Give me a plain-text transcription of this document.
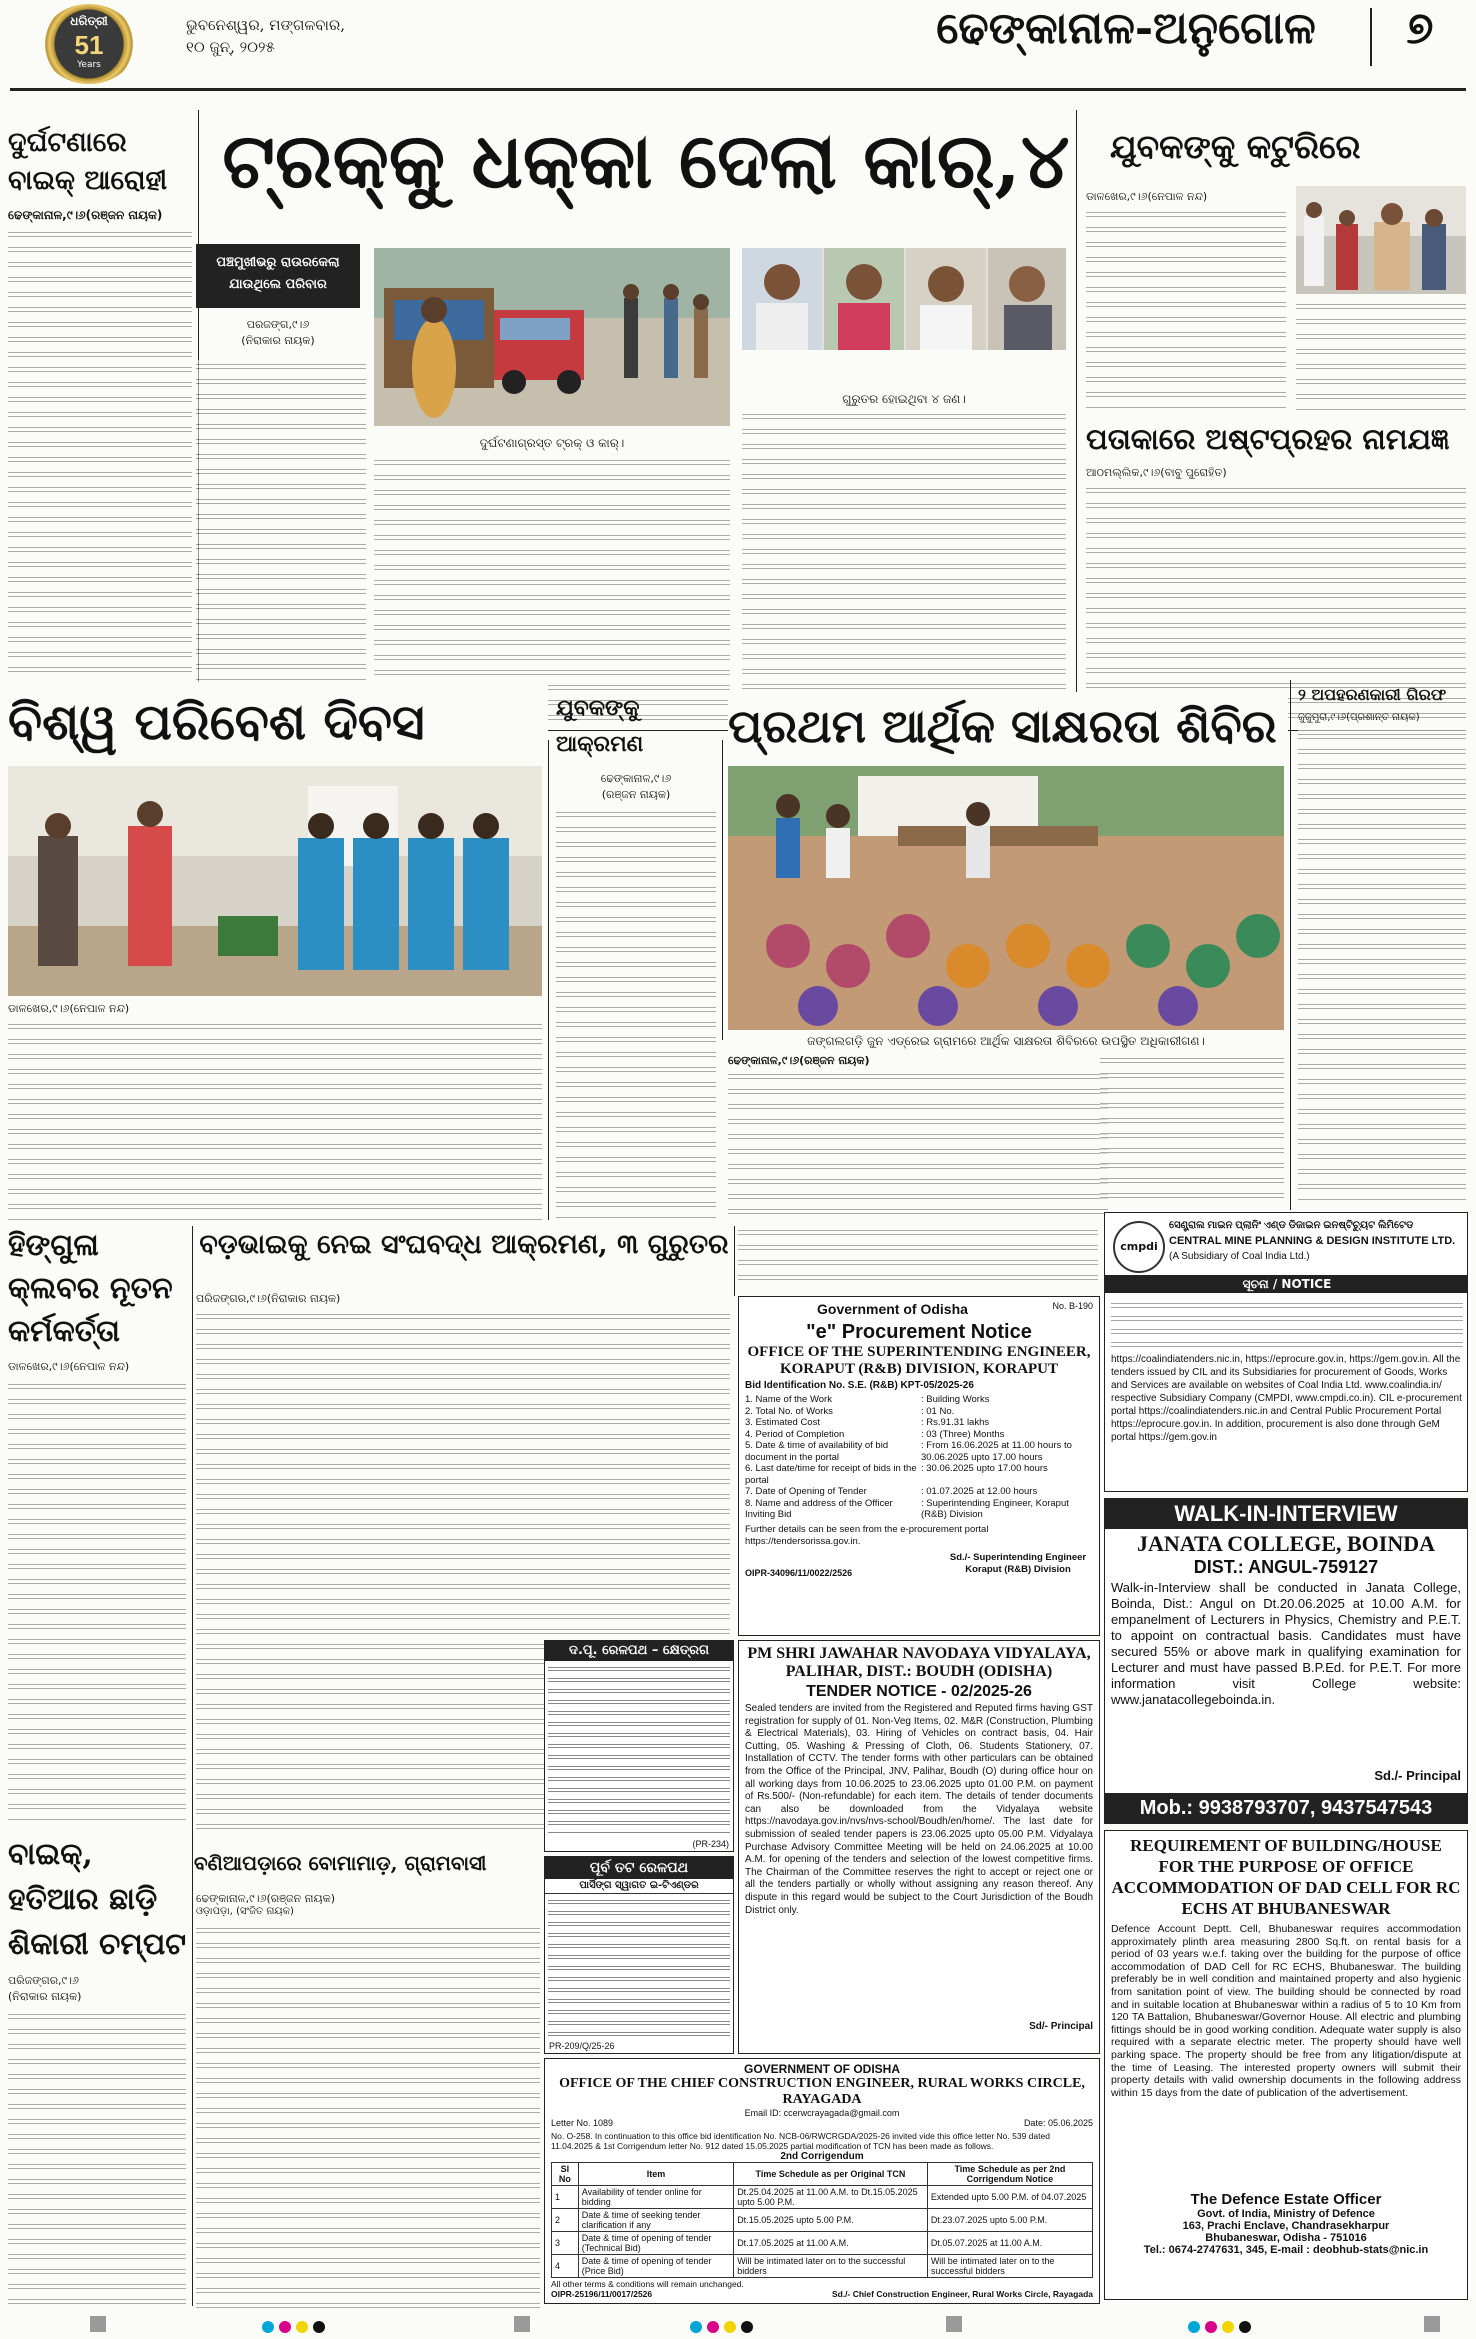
ଧରିତ୍ରୀ
51
Years
ଭୁବନେଶ୍ୱର, ମଙ୍ଗଳବାର,
୧୦ ଜୁନ୍, ୨୦୨୫	ଢେଙ୍କାନାଳ-ଅନୁଗୋଳ	୭
ଦୁର୍ଘଟଣାରେ ବାଇକ୍ ଆରୋହୀ
ଢେଙ୍କାନାଳ,୯।୬(ରଞ୍ଜନ ନାୟକ)
ଟ୍ରକ୍‌କୁ ଧକ୍କା ଦେଲା କାର୍,୪
ପଞ୍ଚମୁଖୀଭରୁ ରାଉରକେଲା
ଯାଉଥିଲେ ପରିବାର
ପରଜଙ୍ଗ,୯।୬
(ନିରାକାର ନାୟକ)
ଦୁର୍ଘଟଣାଗ୍ରସ୍ତ ଟ୍ରକ୍ ଓ କାର୍।
ଗୁରୁତର ହୋଇଥିବା ୪ ଜଣ।
ଯୁବକଙ୍କୁ କଟୁରିରେ
ଡାଳଖେର,୯।୬(ନେପାଳ ନନ୍ଦ)
ପତାକାରେ ଅଷ୍ଟପ୍ରହର ନାମଯଜ୍ଞ
ଆଠମଲ୍ଲିକ,୯।୬(ବାବୁ ପୁରୋହିତ)
ବିଶ୍ୱ ପରିବେଶ ଦିବସ
ଡାଳଖେର,୯।୬(ନେପାଳ ନନ୍ଦ)
ଯୁବକଙ୍କୁ ଆକ୍ରମଣ
ଢେଙ୍କାନାଳ,୯।୬
(ରଞ୍ଜନ ନାୟକ)
ପ୍ରଥମ ଆର୍ଥିକ ସାକ୍ଷରତା ଶିବିର
ଜଙ୍ଗଲଗଡ଼ି ଜୁନ ଏଡ୍ରେଇ ଗ୍ରାମରେ ଆର୍ଥିକ ସାକ୍ଷରତା ଶିବିରରେ ଉପସ୍ଥିତ ଅଧିକାରୀଗଣ।
ଢେଙ୍କାନାଳ,୯।୬(ରଞ୍ଜନ ନାୟକ)
୨ ଅପହରଣକାରୀ ଗିରଫ
ଜୁଜୁମୁରା,୯।୬(ପ୍ରଶାନ୍ତ ନାୟକ)
ହିଙ୍ଗୁଳା କ୍ଲବର ନୂତନ କର୍ମକର୍ତ୍ତା
ଡାଳଖେର,୯।୬(ନେପାଳ ନନ୍ଦ)
ବଡ଼ଭାଇକୁ ନେଇ ସଂଘବଦ୍ଧ ଆକ୍ରମଣ, ୩ ଗୁରୁତର
ପରିଜଙ୍ଗର,୯।୬(ନିରାକାର ନାୟକ)
cmpdi
ସେଣ୍ଟ୍ରାଲ ମାଇନ ପ୍ଲାନିଂ ଏଣ୍ଡ ଡିଜାଇନ ଇନଷ୍ଟିଚ୍ୟୁଟ ଲିମିଟେଡ
CENTRAL MINE PLANNING & DESIGN INSTITUTE LTD.
(A Subsidiary of Coal India Ltd.)
ସୂଚନା / NOTICE
https://coalindiatenders.nic.in, https://eprocure.gov.in, https://gem.gov.in. All the tenders issued by CIL and its Subsidiaries for procurement of Goods, Works and Services are available on websites of Coal India Ltd. www.coalindia.in/ respective Subsidiary Company (CMPDI, www.cmpdi.co.in). CIL e-procurement portal https://coalindiatenders.nic.in and Central Public Procurement Portal https://eprocure.gov.in. In addition, procurement is also done through GeM portal https://gem.gov.in
Government of Odisha	No. B-190
"e" Procurement Notice
OFFICE OF THE SUPERINTENDING ENGINEER,
KORAPUT (R&B) DIVISION, KORAPUT
Bid Identification No. S.E. (R&B) KPT-05/2025-26
1. Name of the Work	: Building Works
2. Total No. of Works	: 01 No.
3. Estimated Cost	: Rs.91.31 lakhs
4. Period of Completion	: 03 (Three) Months
5. Date & time of availability of bid document in the portal
: From 16.06.2025 at 11.00 hours to 30.06.2025 upto 17.00 hours
6. Last date/time for receipt of bids in the portal
: 30.06.2025 upto 17.00 hours
7. Date of Opening of Tender	: 01.07.2025 at 12.00 hours
8. Name and address of the Officer Inviting Bid
: Superintending Engineer, Koraput (R&B) Division
Further details can be seen from the e-procurement portal https://tendersorissa.gov.in.
OIPR-34096/11/0022/2526
Sd./- Superintending Engineer Koraput (R&B) Division
ଦ.ପୂ. ରେଳପଥ – କ୍ଷେତ୍ରଗ
(PR-234)
ପୂର୍ବ ତଟ ରେଳପଥ
ପାର୍ସିଙ୍ଗ ସ୍ୱାଗତ ଇ-ଟିଏଣ୍ଡର
PR-209/Q/25-26
PM SHRI JAWAHAR NAVODAYA VIDYALAYA,
PALIHAR, DIST.: BOUDH (ODISHA)
TENDER NOTICE - 02/2025-26
Sealed tenders are invited from the Registered and Reputed firms having GST registration for supply of 01. Non-Veg Items, 02. M&R (Construction, Plumbing & Electrical Materials), 03. Hiring of Vehicles on contract basis, 04. Hair Cutting, 05. Washing & Pressing of Cloth, 06. Students Stationery, 07. Installation of CCTV. The tender forms with other particulars can be obtained from the Office of the Principal, JNV, Palihar, Boudh (O) during office hour on all working days from 10.06.2025 to 23.06.2025 upto 01.00 P.M. on payment of Rs.500/- (Non-refundable) for each item. The details of tender documents can also be downloaded from the Vidyalaya website https://navodaya.gov.in/nvs/nvs-school/Boudh/en/home/. The last date for submission of sealed tender papers is 23.06.2025 upto 05.00 P.M. Vidyalaya Purchase Advisory Committee Meeting will be held on 24.06.2025 at 10.00 A.M. for opening of the tenders and selection of the lowest competitive firms. The Chairman of the Committee reserves the right to accept or reject one or all the tenders partially or wholly without assigning any reason thereof. Any dispute in this regard would be subject to the Court Jurisdiction of the Boudh District only.
Sd/- Principal
WALK-IN-INTERVIEW
JANATA COLLEGE, BOINDA
DIST.: ANGUL-759127
Walk-in-Interview shall be conducted in Janata College, Boinda, Dist.: Angul on Dt.20.06.2025 at 10.00 A.M. for empanelment of Lecturers in Physics, Chemistry and P.E.T. to appoint on contractual basis. Candidates must have secured 55% or above mark in qualifying examination for Lecturer and must have passed B.P.Ed. for P.E.T. For more information visit College website: www.janatacollegeboinda.in.
Sd./- Principal
Mob.: 9938793707, 9437547543
REQUIREMENT OF BUILDING/HOUSE FOR THE PURPOSE OF OFFICE ACCOMMODATION OF DAD CELL FOR RC ECHS AT BHUBANESWAR
Defence Account Deptt. Cell, Bhubaneswar requires accommodation approximately plinth area measuring 2800 Sq.ft. on rental basis for a period of 03 years w.e.f. taking over the building for the purpose of office accommodation of DAD Cell for RC ECHS, Bhubaneswar. The building preferably be in well condition and maintained property and also hygienic from sanitation point of view. The building should be connected by road and in suitable location at Bhubaneswar within a radius of 5 to 10 Km from 120 TA Battalion, Bhubaneswar/Governor House. All electric and plumbing fittings should be in good working condition. Adequate water supply is also required with a separate electric meter. The property should have well parking space. The property should be free from any litigation/dispute at the time of Leasing. The interested property owners will submit their property details with valid ownership documents in the following address within 15 days from the date of publication of the advertisement.
The Defence Estate Officer
Govt. of India, Ministry of Defence
163, Prachi Enclave, Chandrasekharpur
Bhubaneswar, Odisha - 751016
Tel.: 0674-2747631, 345, E-mail : deobhub-stats@nic.in
ବଣିଆପଡ଼ାରେ ବୋମାମାଡ଼, ଗ୍ରାମବାସୀ
ଢେଙ୍କାନାଳ,୯।୬(ରଞ୍ଜନ ନାୟକ)
ଓଡ଼ାପଡ଼ା, (ସଂଜିତ ନାୟକ)
ବାଇକ୍, ହତିଆର ଛାଡ଼ି ଶିକାରୀ ଚମ୍ପଟ
ପରିଜଙ୍ଗର,୯।୬
(ନିରାକାର ନାୟକ)
GOVERNMENT OF ODISHA
OFFICE OF THE CHIEF CONSTRUCTION ENGINEER, RURAL WORKS CIRCLE, RAYAGADA
Email ID: ccerwcrayagada@gmail.com
Letter No. 1089	Date: 05.06.2025
No. O-258. In continuation to this office bid identification No. NCB-06/RWCRGDA/2025-26 invited vide this office letter No. 539 dated 11.04.2025 & 1st Corrigendum letter No. 912 dated 15.05.2025 partial modification of TCN has been made as follows.
2nd Corrigendum
Sl No	Item	Time Schedule as per Original TCN	Time Schedule as per 2nd Corrigendum Notice
1	Availability of tender online for bidding	Dt.25.04.2025 at 11.00 A.M. to Dt.15.05.2025 upto 5.00 P.M.	Extended upto 5.00 P.M. of 04.07.2025
2	Date & time of seeking tender clarification if any	Dt.15.05.2025 upto 5.00 P.M.	Dt.23.07.2025 upto 5.00 P.M.
3	Date & time of opening of tender (Technical Bid)	Dt.17.05.2025 at 11.00 A.M.	Dt.05.07.2025 at 11.00 A.M.
4	Date & time of opening of tender (Price Bid)	Will be intimated later on to the successful bidders	Will be intimated later on to the successful bidders
All other terms & conditions will remain unchanged.
OIPR-25196/11/0017/2526	Sd./- Chief Construction Engineer, Rural Works Circle, Rayagada
